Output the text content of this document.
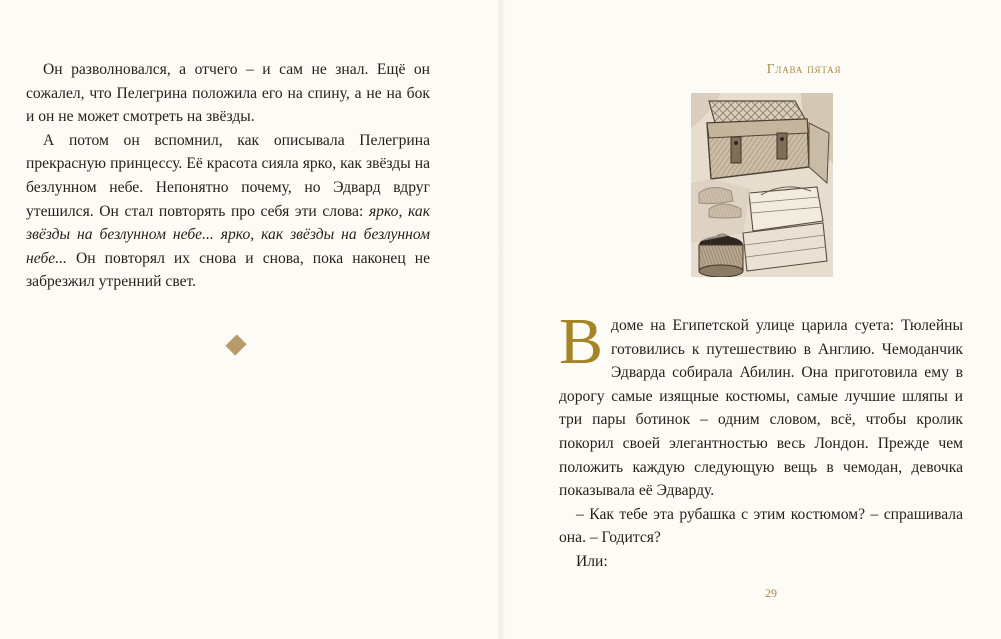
Он разволновался, а отчего – и сам не знал. Ещё он сожалел, что Пелегрина положила его на спину, а не на бок и он не может смотреть на звёзды.

А потом он вспомнил, как описывала Пелегрина прекрасную принцессу. Её красота сияла ярко, как звёзды на безлунном небе. Непонятно почему, но Эдвард вдруг утешился. Он стал повторять про себя эти слова: ярко, как звёзды на безлунном небе... ярко, как звёзды на безлунном небе... Он повторял их снова и снова, пока наконец не забрезжил утренний свет.

Глава пятая

Вдоме на Египетской улице царила суета: Тюлейны готовились к путешествию в Англию. Чемоданчик Эдварда собирала Абилин. Она приготовила ему в дорогу самые изящные костюмы, самые лучшие шляпы и три пары ботинок – одним словом, всё, чтобы кролик покорил своей элегантностью весь Лондон. Прежде чем положить каждую следующую вещь в чемодан, девочка показывала её Эдварду.

– Как тебе эта рубашка с этим костюмом? – спрашивала она. – Годится?

Или:

29
